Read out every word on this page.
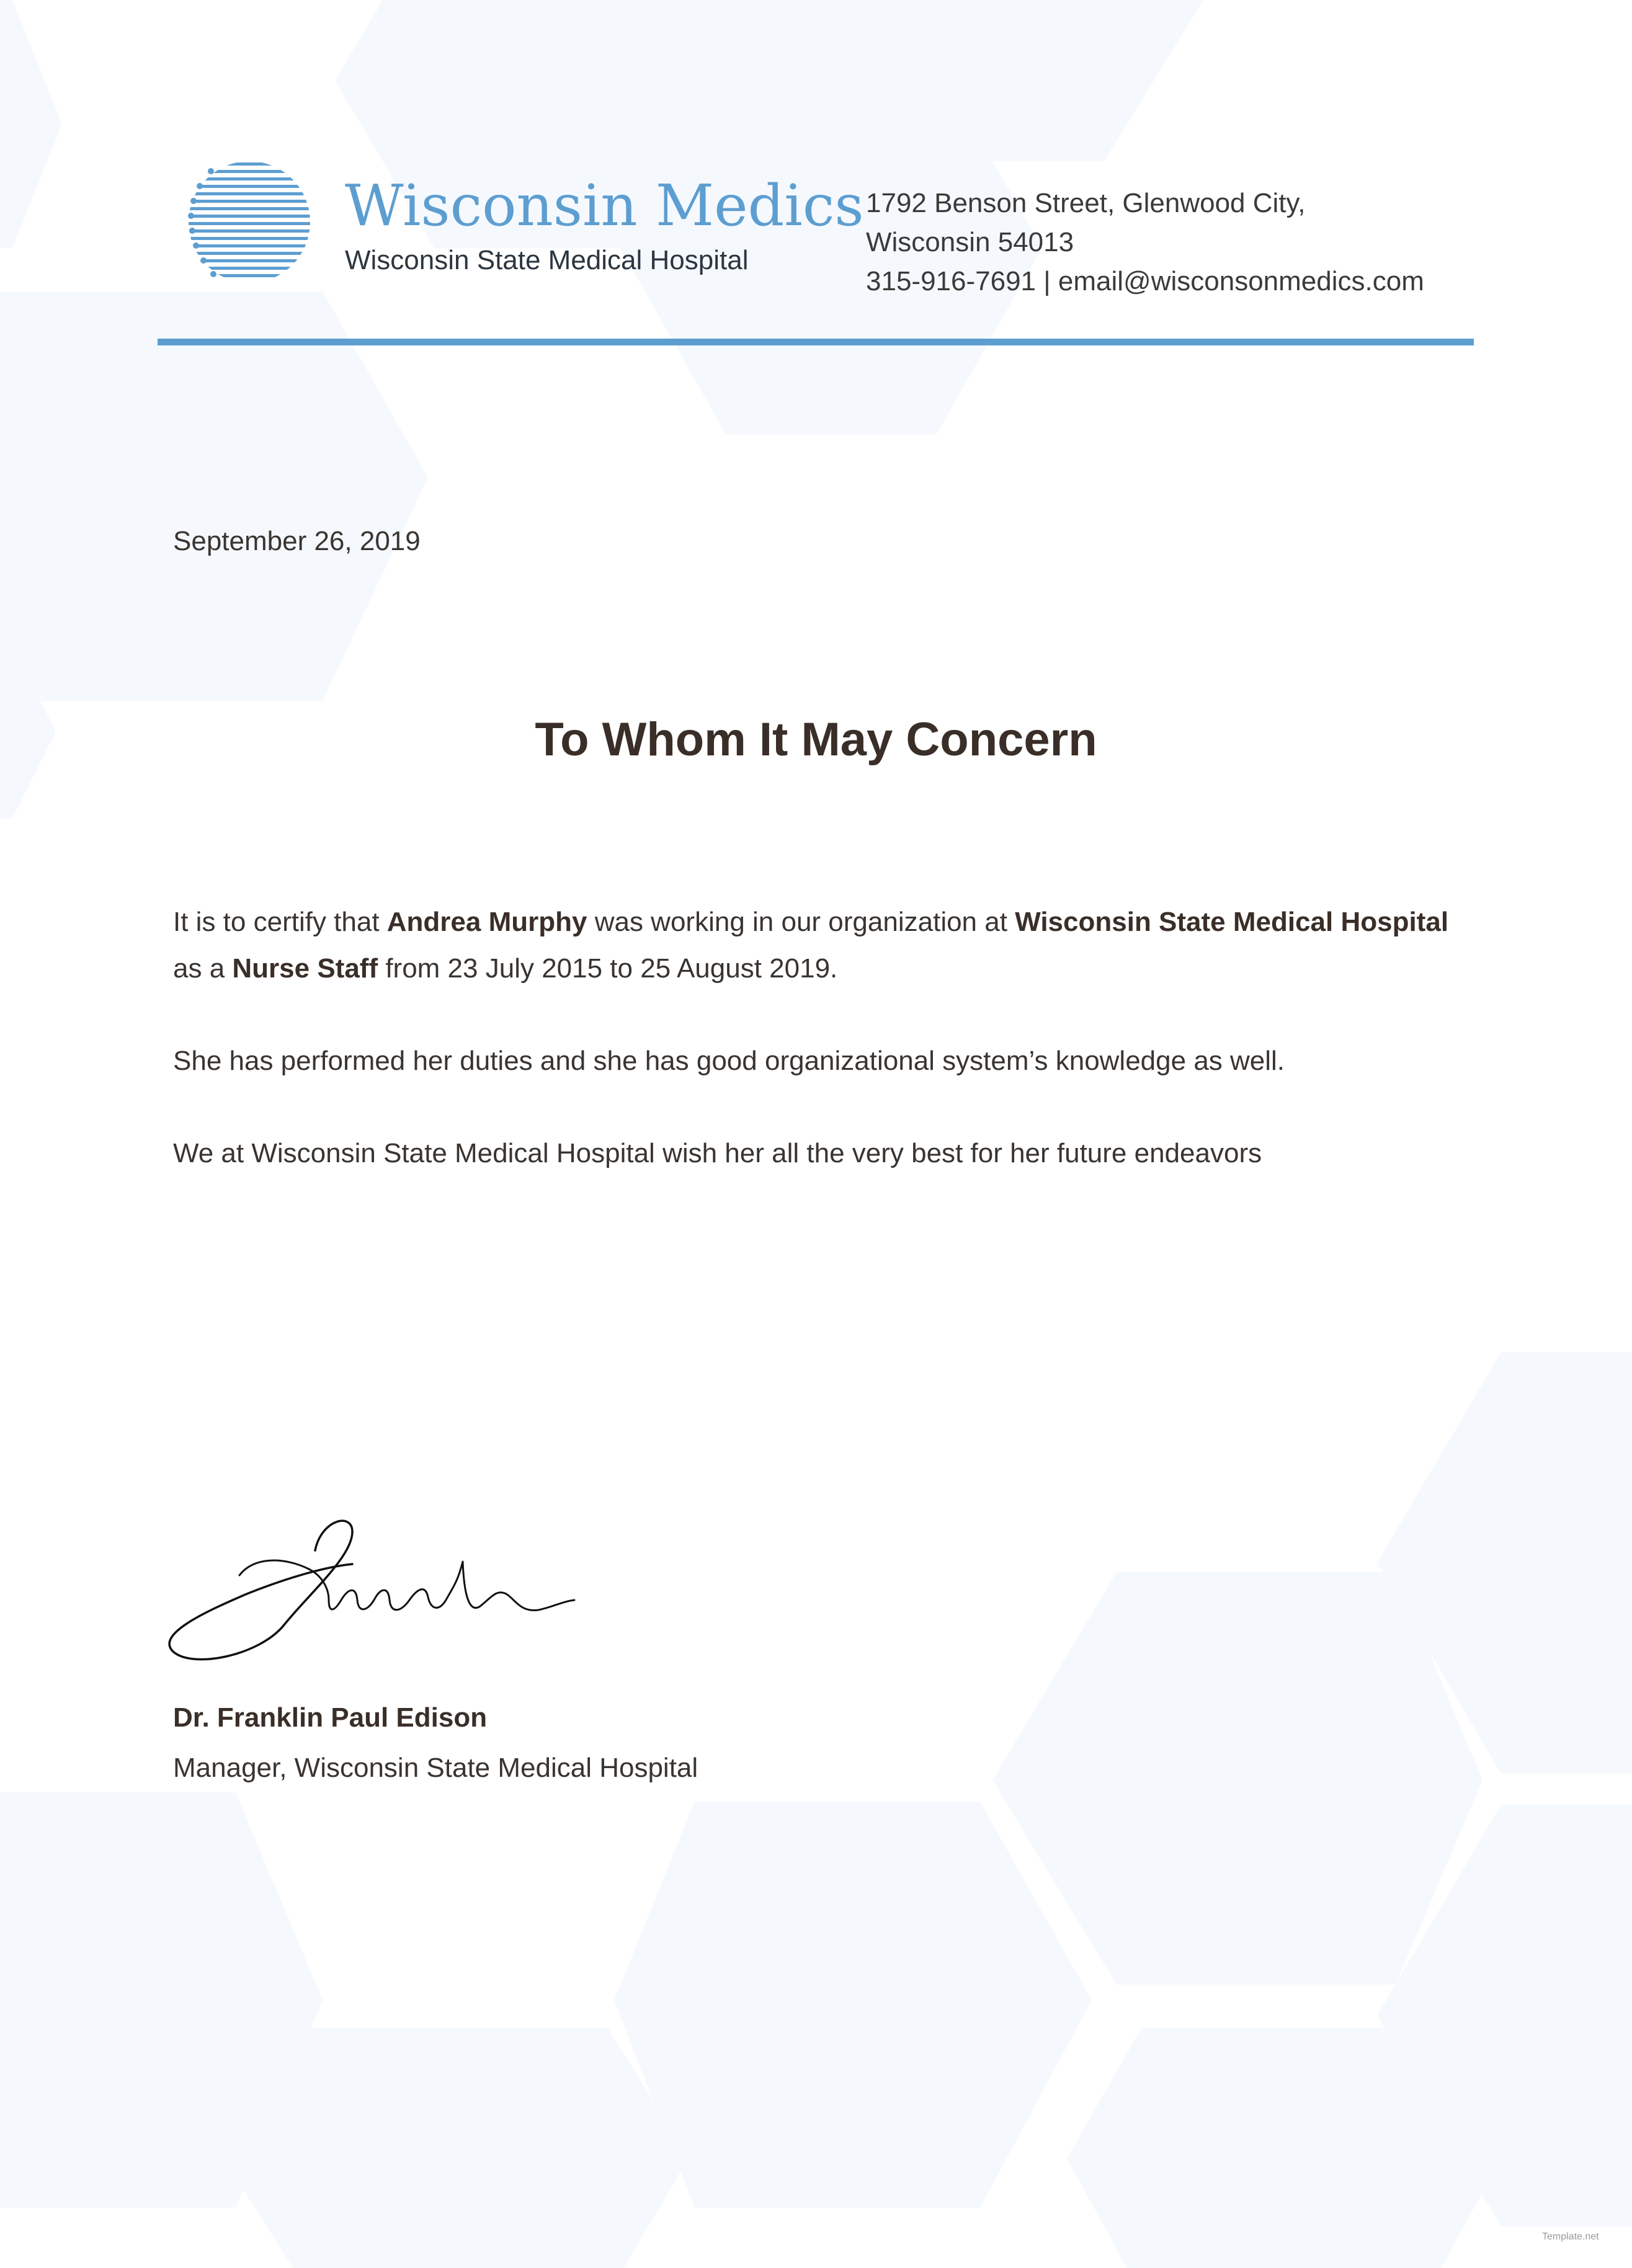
Wisconsin Medics
Wisconsin State Medical Hospital
1792 Benson Street, Glenwood City,
Wisconsin 54013
315-916-7691 | email@wisconsonmedics.com
September 26, 2019
To Whom It May Concern

It is to certify that Andrea Murphy was working in our organization at Wisconsin State Medical Hospital as a Nurse Staff from 23 July 2015 to 25 August 2019.

She has performed her duties and she has good organizational system’s knowledge as well.

We at Wisconsin State Medical Hospital wish her all the very best for her future endeavors

Dr. Franklin Paul Edison
Manager, Wisconsin State Medical Hospital
Template.net
